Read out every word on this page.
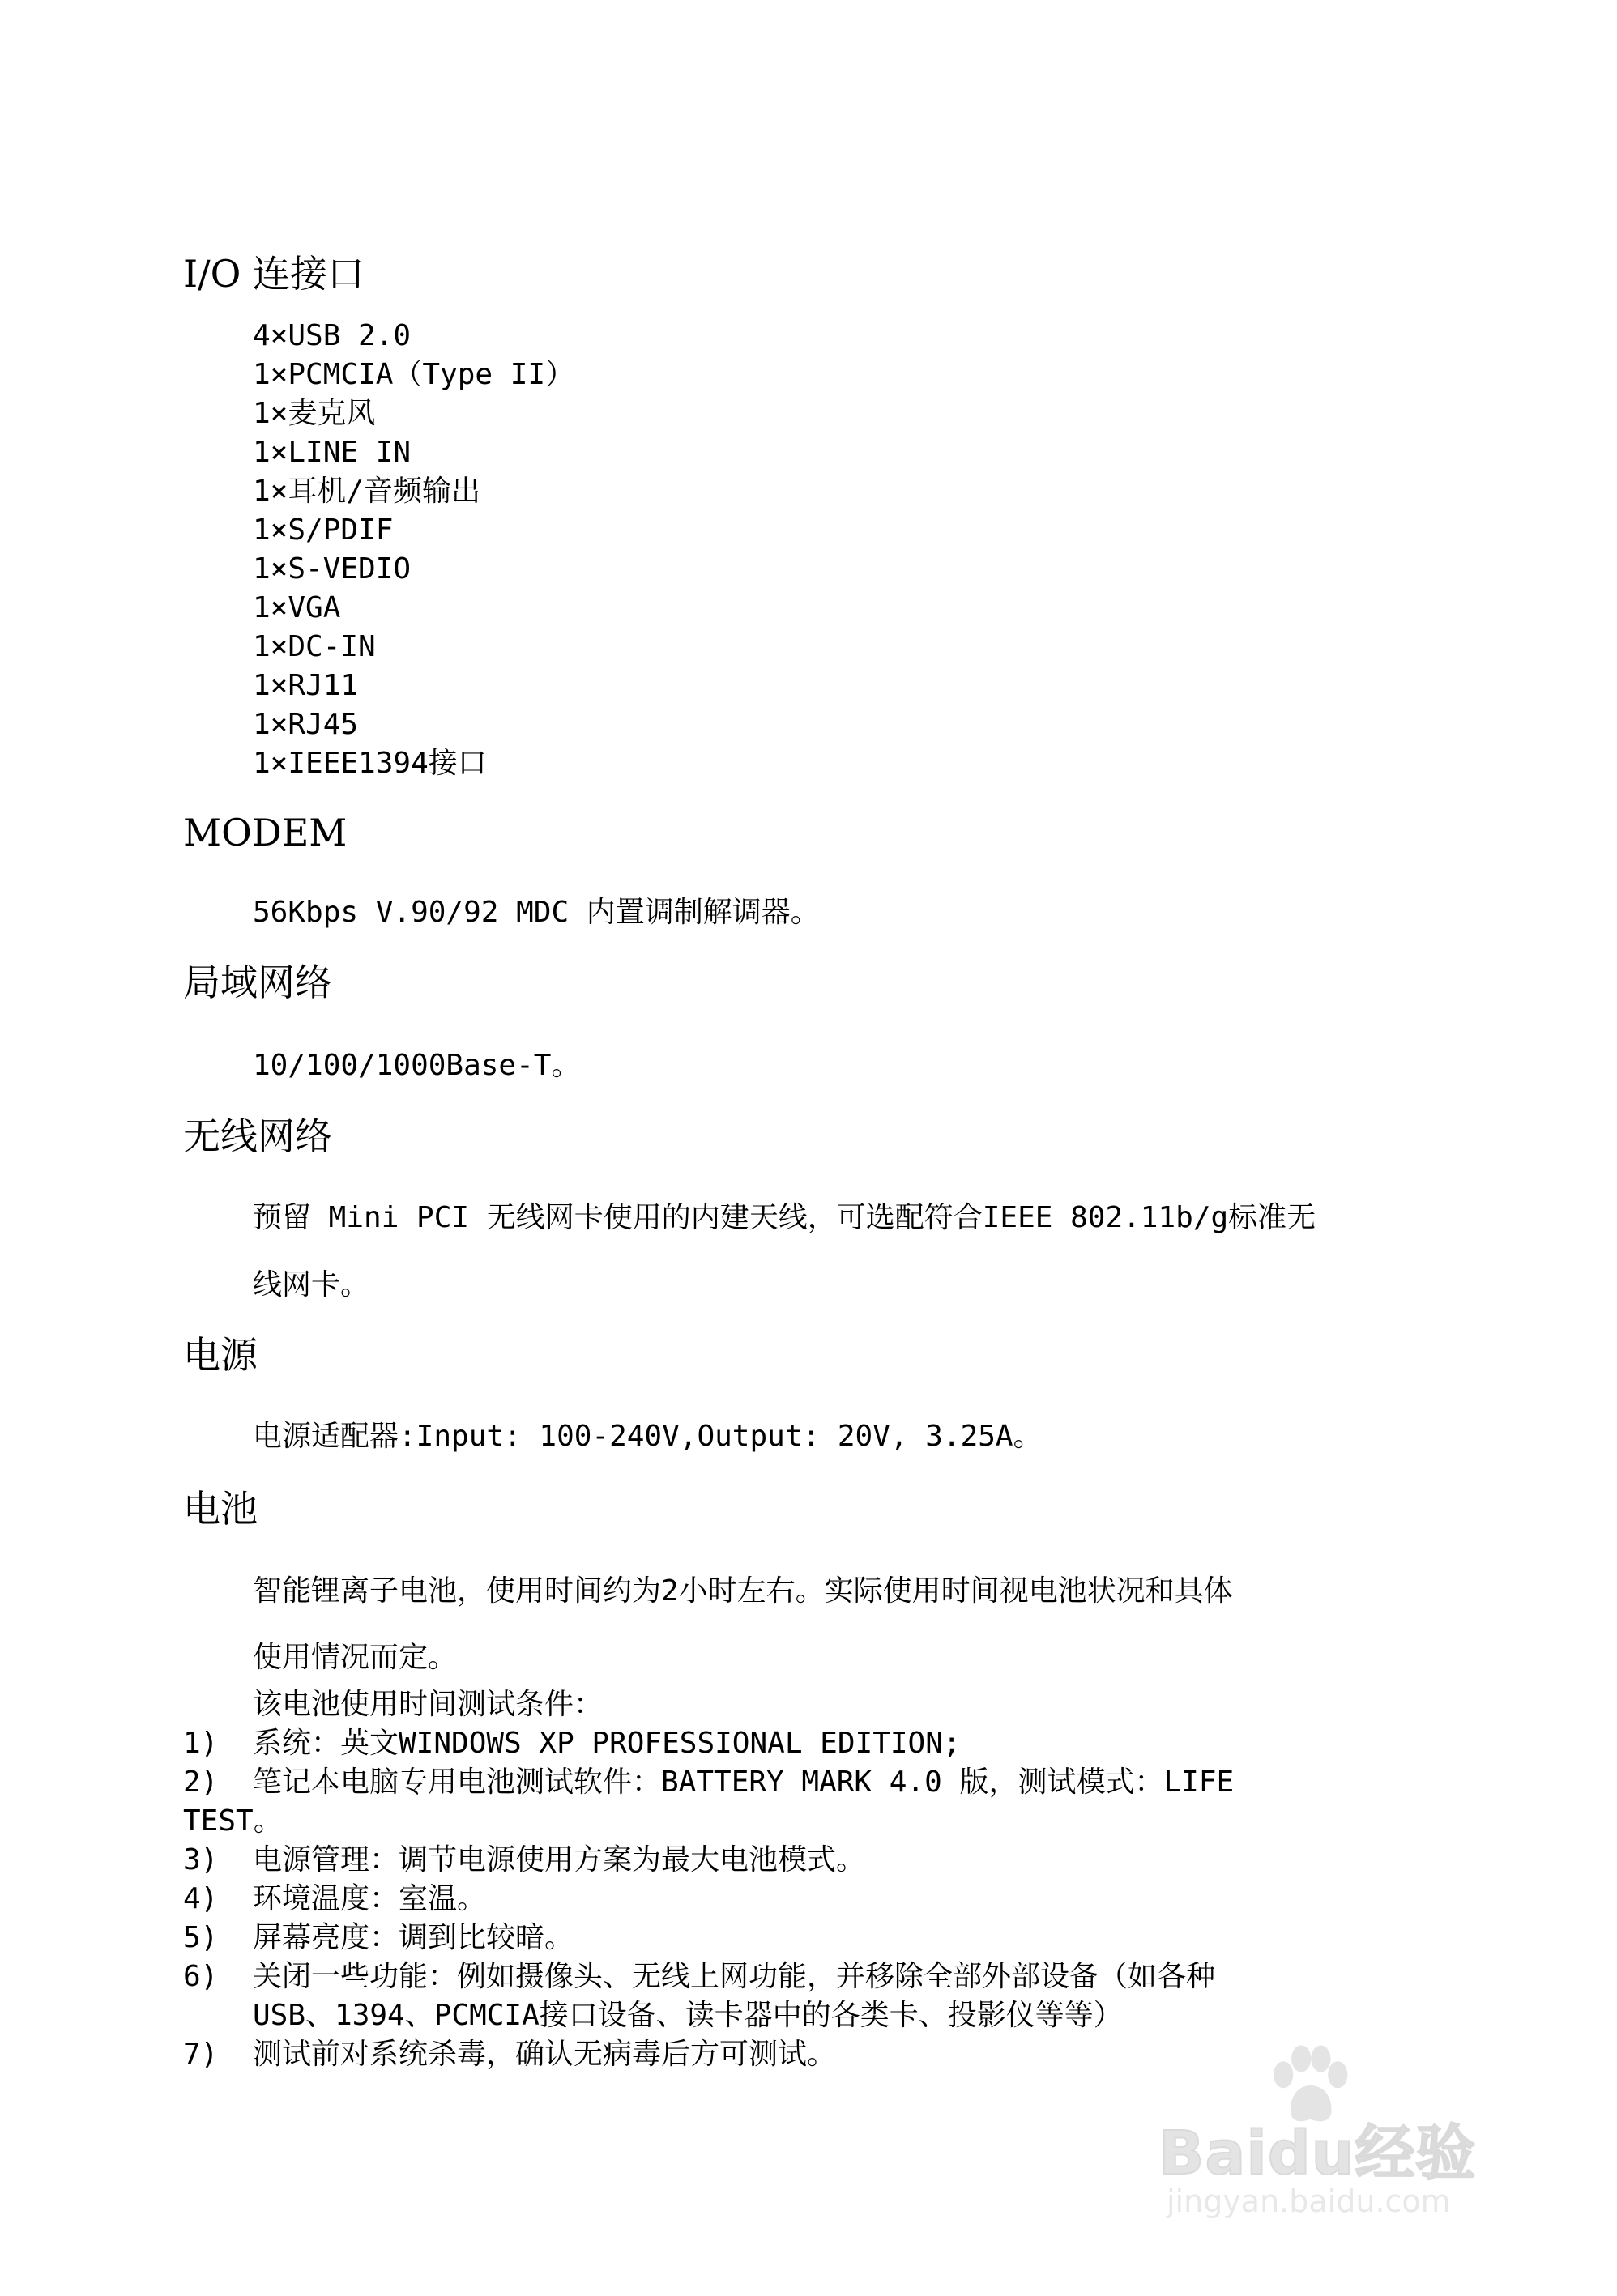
I/O 连接口
4×USB 2.0
1×PCMCIA（Type II）
1×麦克风
1×LINE IN
1×耳机/音频输出
1×S/PDIF
1×S-VEDIO
1×VGA
1×DC-IN
1×RJ11
1×RJ45
1×IEEE1394接口
MODEM
56Kbps V.90/92 MDC 内置调制解调器。
局域网络
10/100/1000Base-T。
无线网络
预留 Mini PCI 无线网卡使用的内建天线，可选配符合IEEE 802.11b/g标准无
线网卡。
电源
电源适配器:Input: 100-240V,Output: 20V, 3.25A。
电池
智能锂离子电池，使用时间约为2小时左右。实际使用时间视电池状况和具体
使用情况而定。
该电池使用时间测试条件：
1) 系统：英文WINDOWS XP PROFESSIONAL EDITION;
2) 笔记本电脑专用电池测试软件：BATTERY MARK 4.0 版，测试模式：LIFE
TEST。
3) 电源管理：调节电源使用方案为最大电池模式。
4) 环境温度：室温。
5) 屏幕亮度：调到比较暗。
6) 关闭一些功能：例如摄像头、无线上网功能，并移除全部外部设备（如各种
USB、1394、PCMCIA接口设备、读卡器中的各类卡、投影仪等等）
7) 测试前对系统杀毒，确认无病毒后方可测试。
Baidu经验
jingyan.baidu.com
